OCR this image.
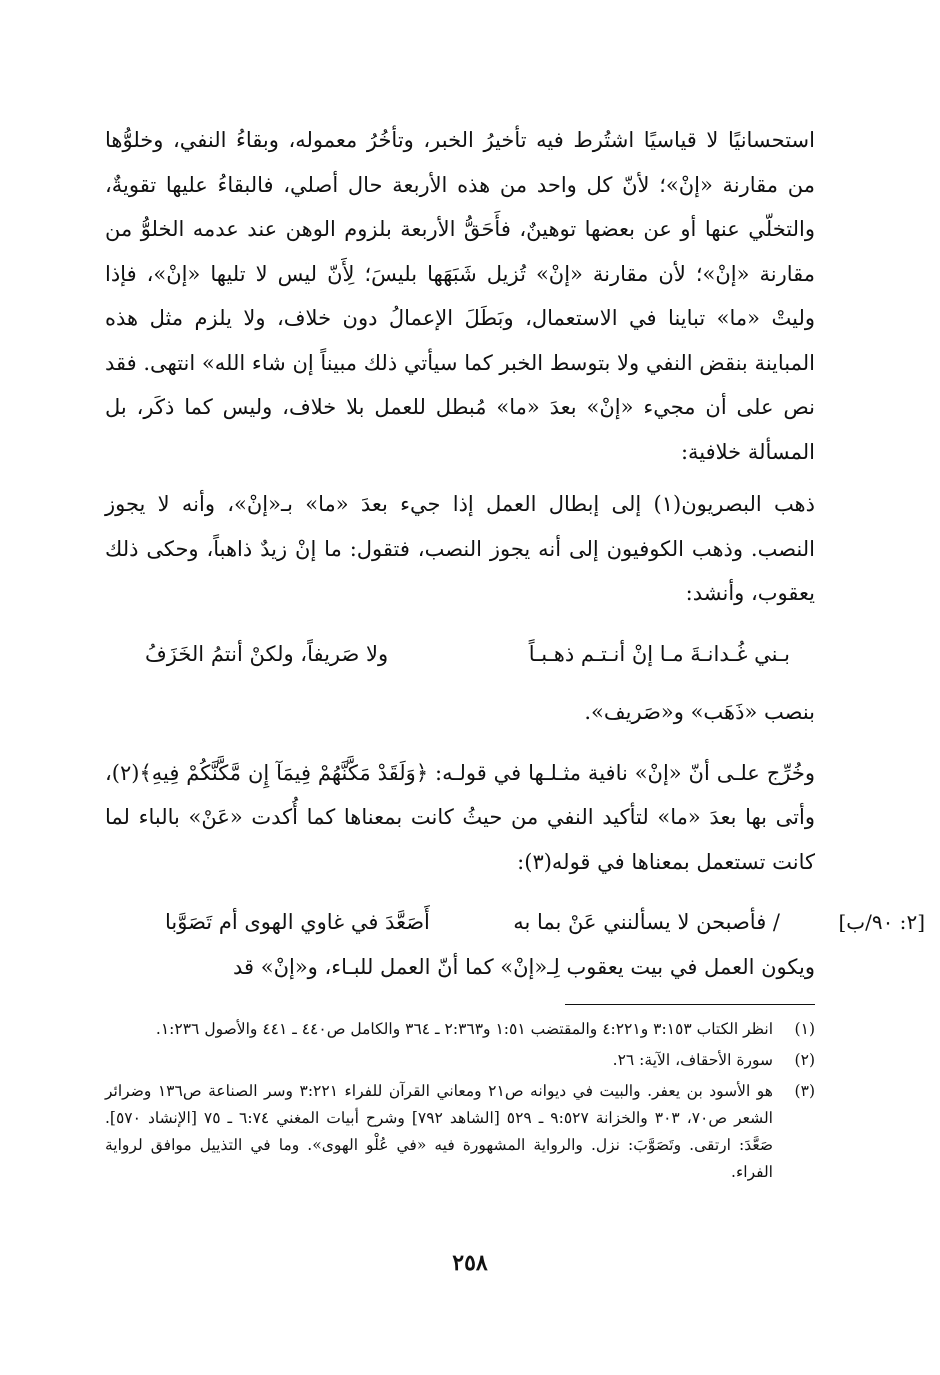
استحسانيًا لا قياسيًا اشتُرط فيه تأخيرُ الخبر، وتأخُرُ معموله، وبقاءُ النفي، وخلوُّها من مقارنة «إنْ»؛ لأنّ كل واحد من هذه الأربعة حال أصلي، فالبقاءُ عليها تقويةٌ، والتخلّي عنها أو عن بعضها توهينٌ، فأَحَقُّ الأربعة بلزوم الوهن عند عدمه الخلوُّ من مقارنة «إنْ»؛ لأن مقارنة «إنْ» تُزيل شَبَهَها بليسَ؛ لِأَنّ ليس لا تليها «إنْ»، فإذا وليتْ «ما» تباينا في الاستعمال، وبَطَلَ الإعمالُ دون خلاف، ولا يلزم مثل هذه المباينة بنقض النفي ولا بتوسط الخبر كما سيأتي ذلك مبيناً إن شاء الله» انتهى. فقد نص على أن مجيء «إنْ» بعدَ «ما» مُبطل للعمل بلا خلاف، وليس كما ذكَر، بل المسألة خلافية:

ذهب البصريون(١) إلى إبطال العمل إذا جيء بعدَ «ما» بـ«إنْ»، وأنه لا يجوز النصب. وذهب الكوفيون إلى أنه يجوز النصب، فتقول: ما إنْ زيدٌ ذاهباً، وحكى ذلك يعقوب، وأنشد:

بـني غُـدانـةَ مـا إنْ أنـتـم ذهـبـاً
ولا صَريفاً، ولكنْ أنتمُ الخَزَفُ

بنصب «ذَهَب» و«صَريف».

وخُرِّج علـى أنّ «إنْ» نافية مثـلـها في قولـه: ﴿وَلَقَدْ مَكَّنَّهُمْ فِيمَآ إِن مَّكَّنَّكُمْ فِيهِ﴾(٢)، وأتى بها بعدَ «ما» لتأكيد النفي من حيثُ كانت بمعناها كما أُكدت «عَنْ» بالباء لما كانت تستعمل بمعناها في قوله(٣):

[٢: ٩٠/ب]
/ فأصبحن لا يسألنني عَنْ بما به
أَصَعَّدَ في غاوي الهوى أم تَصَوَّبا

ويكون العمل في بيت يعقوب لِـ«إنْ» كما أنّ العمل للبـاء، و«إنْ» قد

(١)
انظر الكتاب ٣:١٥٣ و٤:٢٢١ والمقتضب ١:٥١ و٢:٣٦٣ ـ ٣٦٤ والكامل ص٤٤٠ ـ ٤٤١ والأصول ١:٢٣٦.
(٢)
سورة الأحقاف، الآية: ٢٦.
(٣)
هو الأسود بن يعفر. والبيت في ديوانه ص٢١ ومعاني القرآن للفراء ٣:٢٢١ وسر الصناعة ص١٣٦ وضرائر الشعر ص٧٠، ٣٠٣ والخزانة ٩:٥٢٧ ـ ٥٢٩ [الشاهد ٧٩٢] وشرح أبيات المغني ٦:٧٤ ـ ٧٥ [الإنشاد ٥٧٠]. صَعَّدَ: ارتقى. وتَصَوَّبَ: نزل. والرواية المشهورة فيه «في عُلْو الهوى». وما في التذييل موافق لرواية الفراء.
٢٥٨
